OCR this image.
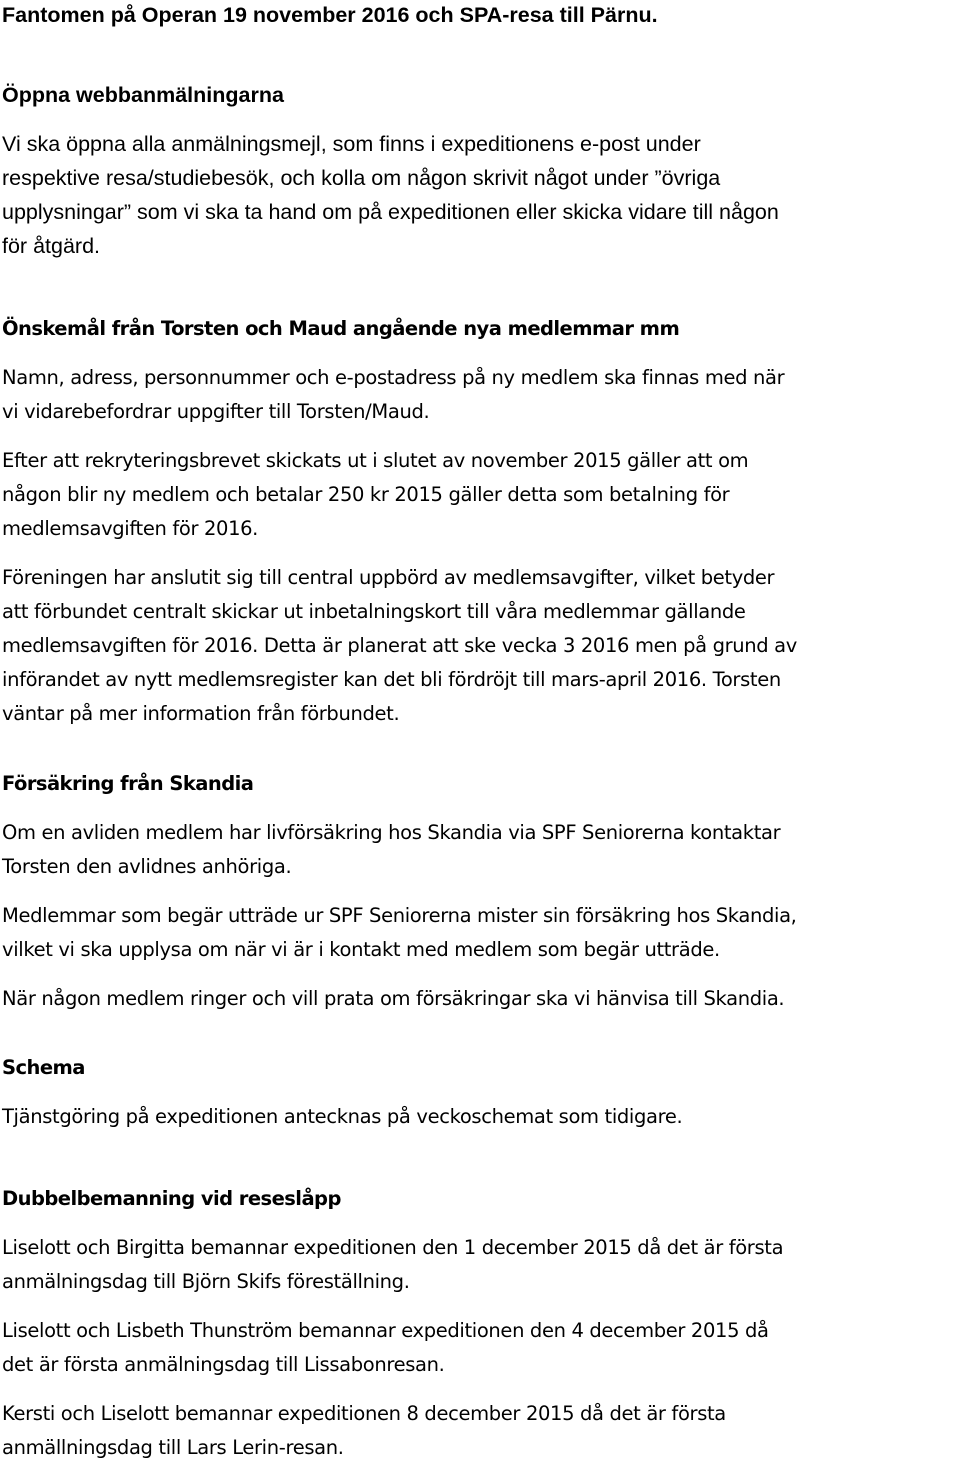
Fantomen på Operan 19 november 2016 och SPA-resa till Pärnu.
Öppna webbanmälningarna
Vi ska öppna alla anmälningsmejl, som finns i expeditionens e-post under
respektive resa/studiebesök, och kolla om någon skrivit något under ”övriga
upplysningar” som vi ska ta hand om på expeditionen eller skicka vidare till någon
för åtgärd.
Önskemål från Torsten och Maud angående nya medlemmar mm
Namn, adress, personnummer och e-postadress på ny medlem ska finnas med när
vi vidarebefordrar uppgifter till Torsten/Maud.
Efter att rekryteringsbrevet skickats ut i slutet av november 2015 gäller att om
någon blir ny medlem och betalar 250 kr 2015 gäller detta som betalning för
medlemsavgiften för 2016.
Föreningen har anslutit sig till central uppbörd av medlemsavgifter, vilket betyder
att förbundet centralt skickar ut inbetalningskort till våra medlemmar gällande
medlemsavgiften för 2016. Detta är planerat att ske vecka 3 2016 men på grund av
införandet av nytt medlemsregister kan det bli fördröjt till mars-april 2016. Torsten
väntar på mer information från förbundet.
Försäkring från Skandia
Om en avliden medlem har livförsäkring hos Skandia via SPF Seniorerna kontaktar
Torsten den avlidnes anhöriga.
Medlemmar som begär utträde ur SPF Seniorerna mister sin försäkring hos Skandia,
vilket vi ska upplysa om när vi är i kontakt med medlem som begär utträde.
När någon medlem ringer och vill prata om försäkringar ska vi hänvisa till Skandia.
Schema
Tjänstgöring på expeditionen antecknas på veckoschemat som tidigare.
Dubbelbemanning vid reseslåpp
Liselott och Birgitta bemannar expeditionen den 1 december 2015 då det är första
anmälningsdag till Björn Skifs föreställning.
Liselott och Lisbeth Thunström bemannar expeditionen den 4 december 2015 då
det är första anmälningsdag till Lissabonresan.
Kersti och Liselott bemannar expeditionen 8 december 2015 då det är första
anmällningsdag till Lars Lerin-resan.
